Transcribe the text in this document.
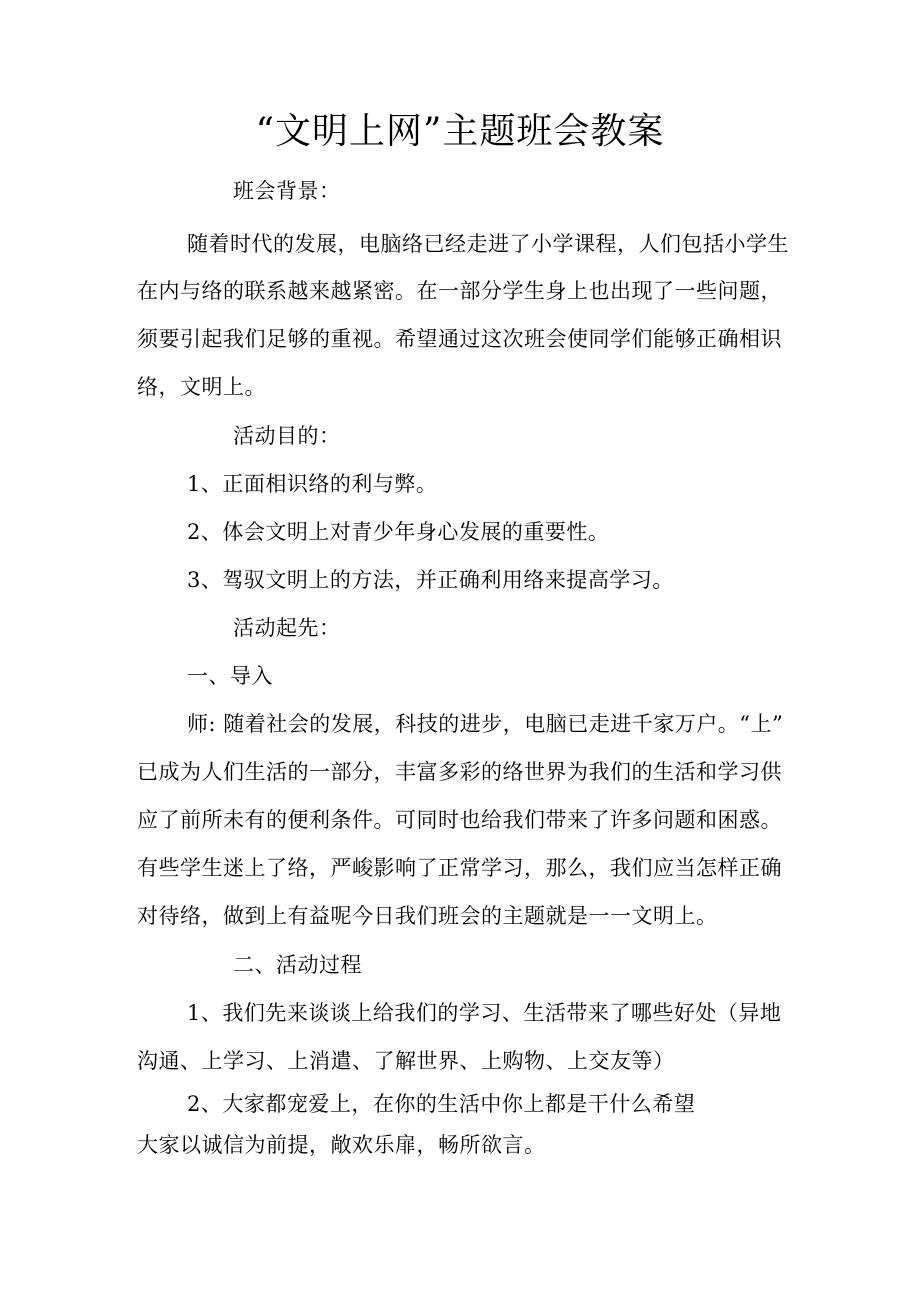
“文明上网”主题班会教案
班会背景：
随着时代的发展，电脑络已经走进了小学课程，人们包括小学生
在内与络的联系越来越紧密。在一部分学生身上也出现了一些问题，
须要引起我们足够的重视。希望通过这次班会使同学们能够正确相识
络，文明上。
活动目的：
1、正面相识络的利与弊。
2、体会文明上对青少年身心发展的重要性。
3、驾驭文明上的方法，并正确利用络来提高学习。
活动起先：
一、导入
师: 随着社会的发展，科技的进步，电脑已走进千家万户。“上”
已成为人们生活的一部分，丰富多彩的络世界为我们的生活和学习供
应了前所未有的便利条件。可同时也给我们带来了许多问题和困惑。
有些学生迷上了络，严峻影响了正常学习，那么，我们应当怎样正确
对待络，做到上有益呢今日我们班会的主题就是一一文明上。
二、活动过程
1、我们先来谈谈上给我们的学习、生活带来了哪些好处（异地
沟通、上学习、上消遣、了解世界、上购物、上交友等）
2、大家都宠爱上，在你的生活中你上都是干什么希望
大家以诚信为前提，敞欢乐扉，畅所欲言。
